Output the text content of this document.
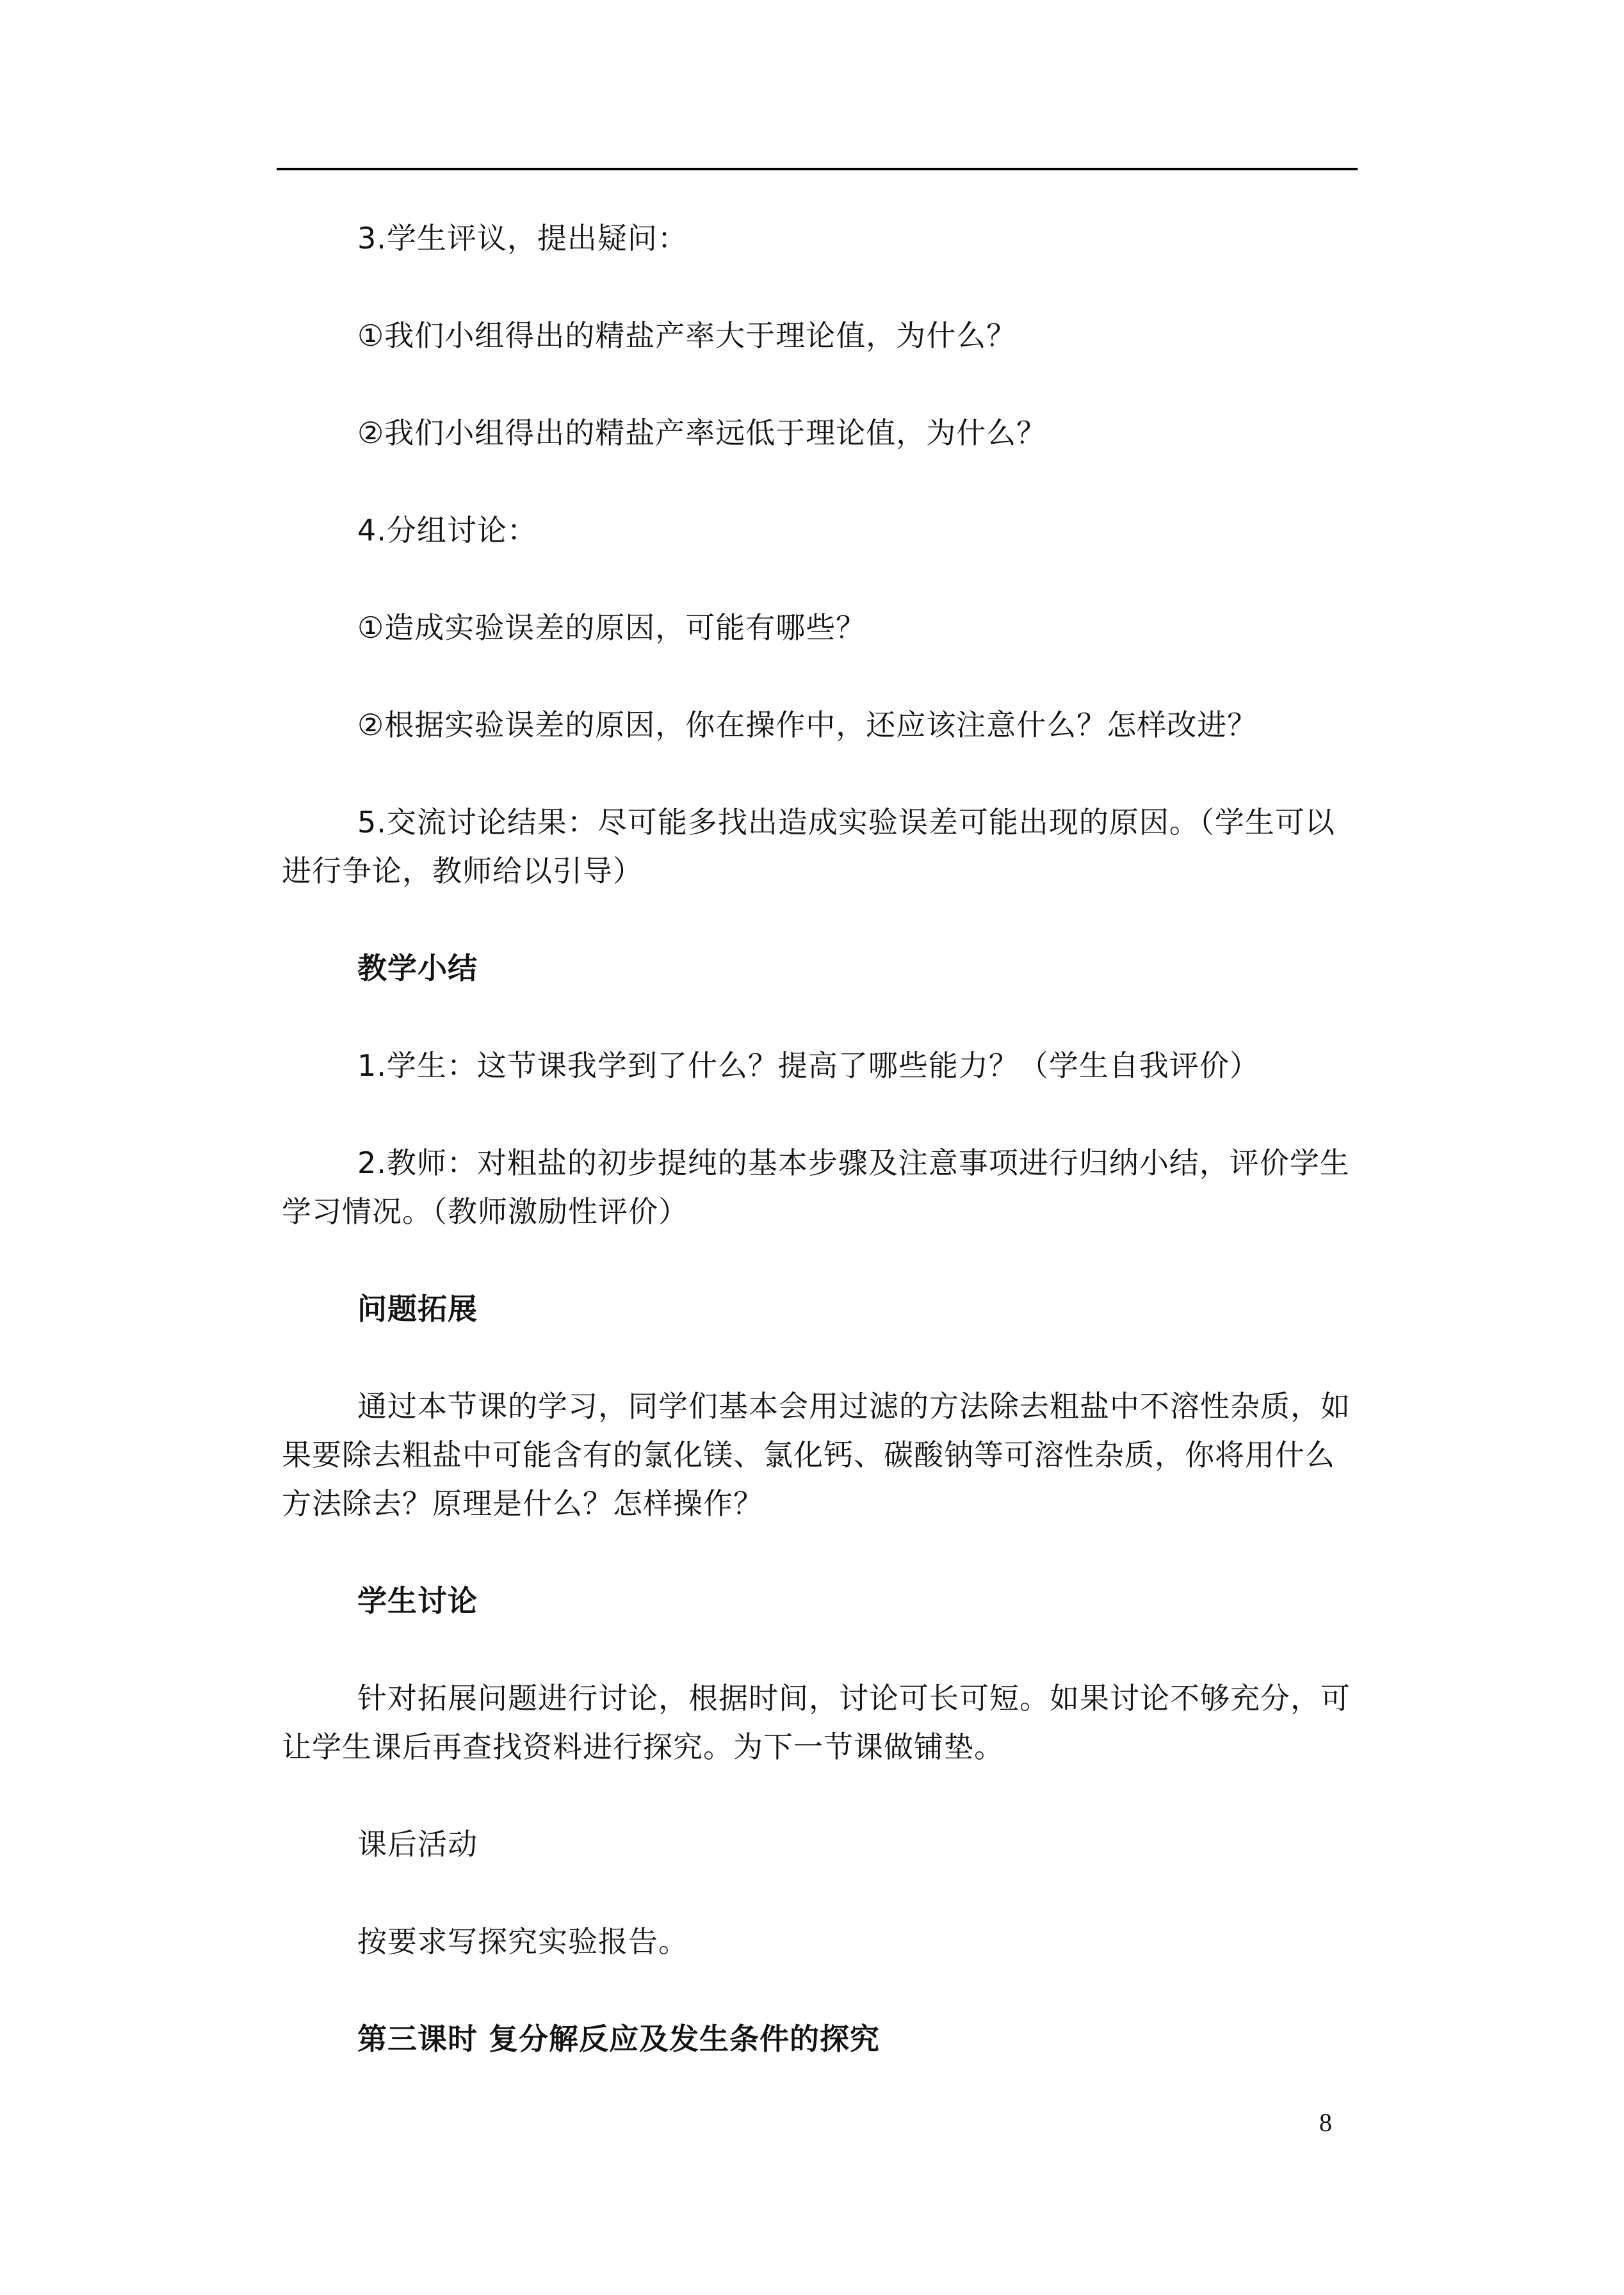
3.学生评议，提出疑问：

①我们小组得出的精盐产率大于理论值，为什么？

②我们小组得出的精盐产率远低于理论值，为什么？

4.分组讨论：

①造成实验误差的原因，可能有哪些？

②根据实验误差的原因，你在操作中，还应该注意什么？怎样改进？

5.交流讨论结果：尽可能多找出造成实验误差可能出现的原因。（学生可以进行争论，教师给以引导）

教学小结

1.学生：这节课我学到了什么？提高了哪些能力？（学生自我评价）

2.教师：对粗盐的初步提纯的基本步骤及注意事项进行归纳小结，评价学生学习情况。（教师激励性评价）

问题拓展

通过本节课的学习，同学们基本会用过滤的方法除去粗盐中不溶性杂质，如果要除去粗盐中可能含有的氯化镁、氯化钙、碳酸钠等可溶性杂质，你将用什么方法除去？原理是什么？怎样操作？

学生讨论

针对拓展问题进行讨论，根据时间，讨论可长可短。如果讨论不够充分，可让学生课后再查找资料进行探究。为下一节课做铺垫。

课后活动

按要求写探究实验报告。

第三课时 复分解反应及发生条件的探究

8
